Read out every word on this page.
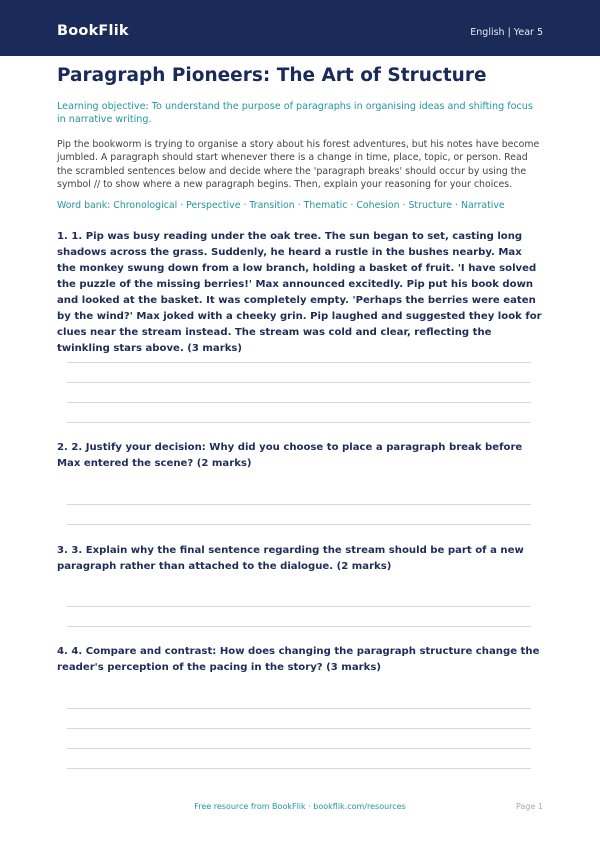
BookFlik	English | Year 5
Paragraph Pioneers: The Art of Structure

Learning objective: To understand the purpose of paragraphs in organising ideas and shifting focus in narrative writing.

Pip the bookworm is trying to organise a story about his forest adventures, but his notes have become jumbled. A paragraph should start whenever there is a change in time, place, topic, or person. Read the scrambled sentences below and decide where the 'paragraph breaks' should occur by using the symbol // to show where a new paragraph begins. Then, explain your reasoning for your choices.

Word bank: Chronological · Perspective · Transition · Thematic · Cohesion · Structure · Narrative

1. 1. Pip was busy reading under the oak tree. The sun began to set, casting long shadows across the grass. Suddenly, he heard a rustle in the bushes nearby. Max the monkey swung down from a low branch, holding a basket of fruit. 'I have solved the puzzle of the missing berries!' Max announced excitedly. Pip put his book down and looked at the basket. It was completely empty. 'Perhaps the berries were eaten by the wind?' Max joked with a cheeky grin. Pip laughed and suggested they look for clues near the stream instead. The stream was cold and clear, reflecting the twinkling stars above. (3 marks)

2. 2. Justify your decision: Why did you choose to place a paragraph break before Max entered the scene? (2 marks)

3. 3. Explain why the final sentence regarding the stream should be part of a new paragraph rather than attached to the dialogue. (2 marks)

4. 4. Compare and contrast: How does changing the paragraph structure change the reader's perception of the pacing in the story? (3 marks)

Free resource from BookFlik · bookflik.com/resources	Page 1
